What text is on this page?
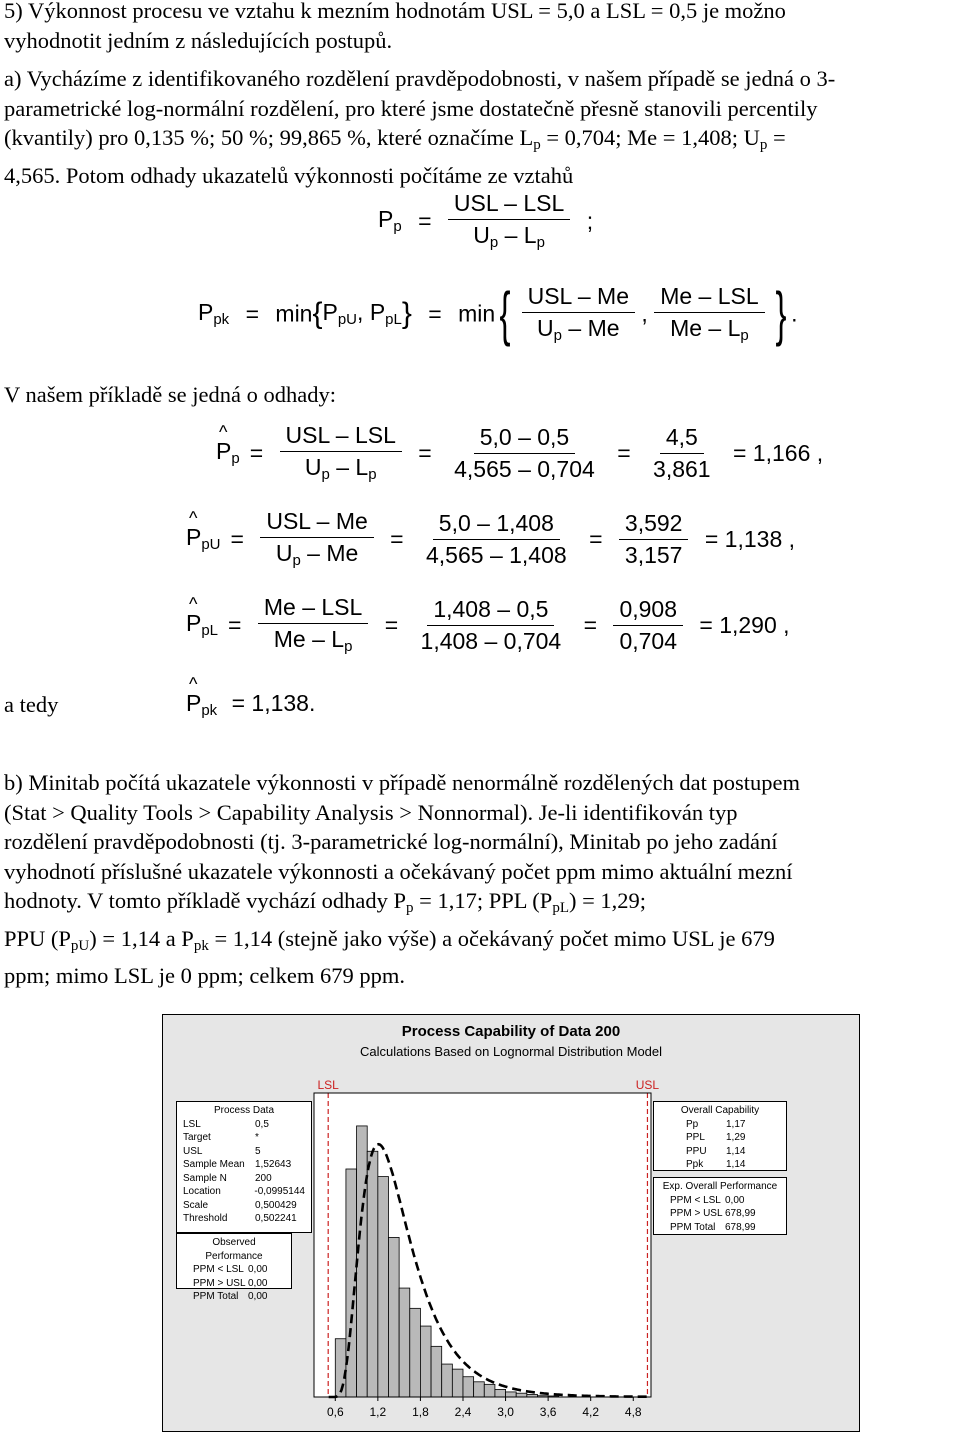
5) Výkonnost procesu ve vztahu k mezním hodnotám USL = 5,0 a LSL = 0,5 je možno

vyhodnotit jedním z následujících postupů.

a) Vycházíme z identifikovaného rozdělení pravděpodobnosti, v našem případě se jedná o 3-

parametrické log-normální rozdělení, pro které jsme dostatečně přesně stanovili percentily

(kvantily) pro 0,135 %; 50 %; 99,865 %, které označíme $L_p = 0,704$; Me = 1,408; $U_p$ =

4,565. Potom odhady ukazatelů výkonnosti počítáme ze vztahů

$P_p = \frac{\text{USL – LSL}}{U_p - L_p}$ ;
$P_{pk} = \min\{P_{pU}$, $P_{pL}\} = \min\{ \frac{\text{USL – Me}}{U_p - Me}$ , $\frac{\text{Me – LSL}}{Me - L_p}$ } .
V našem příkladě se jedná o odhady:
^ $P_p = \frac{\text{USL – LSL}}{U_p - L_p} = \frac{5,0 - 0,5}{4,565 - 0,704} = \frac{4,5}{3,861} = 1,166$ ,
^ $P_{pU} = \frac{\text{USL – Me}}{U_p - Me} = \frac{5,0 - 1,408}{4,565 - 1,408} = \frac{3,592}{3,157} = 1,138$ ,
^ $P_{pL} = \frac{\text{Me – LSL}}{Me - L_p} = \frac{1,408 - 0,5}{1,408 - 0,704} = \frac{0,908}{0,704} = 1,290$ ,
a tedy
^	$P_{pk} = 1,138$.

b) Minitab počítá ukazatele výkonnosti v případě nenormálně rozdělených dat postupem

(Stat > Quality Tools > Capability Analysis > Nonnormal). Je-li identifikován typ

rozdělení pravděpodobnosti (tj. 3-parametrické log-normální), Minitab po jeho zadání

vyhodnotí příslušné ukazatele výkonnosti a očekávaný počet ppm mimo aktuální mezní

hodnoty. V tomto příkladě vychází odhady $P_p = 1,17$; PPL $(P_{pL}) = 1,29$;

PPU $(P_{pU}) = 1,14$ a $P_{pk} = 1,14$ (stejně jako výše) a očekávaný počet mimo USL je 679

ppm; mimo LSL je 0 ppm; celkem 679 ppm.

Process Capability of Data 200
Calculations Based on Lognormal Distribution Model
LSL	USL
0,6 1,2 1,8 2,4 3,0 3,6 4,2 4,8
Process Data
LSL	0,5
Target	*
USL	5
Sample Mean	1,52643
Sample N	200
Location	-0,0995144
Scale	0,500429
Threshold	0,502241
Observed Performance
PPM < LSL 0,00
PPM > USL 0,00
PPM Total 0,00
Overall Capability
Pp	1,17
PPL	1,29
PPU	1,14
Ppk	1,14
Exp. Overall Performance
PPM < LSL 0,00
PPM > USL 678,99
PPM Total 678,99
